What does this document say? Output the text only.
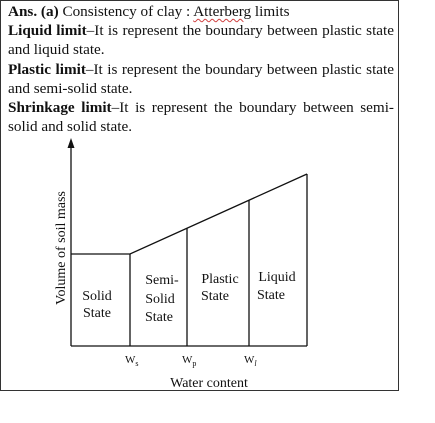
Ans. (a) Consistency of clay : Atterberg limits

Liquid limit–It is represent the boundary between plastic state and liquid state.

Plastic limit–It is represent the boundary between plastic state and semi-solid state.

Shrinkage limit–It is represent the boundary between semi-solid and solid state.

Volume of soil mass Solid
State
Semi-
Solid
State
Plastic
State
Liquid
State
$W_s$	$W_p$	$W_l$
Water content
